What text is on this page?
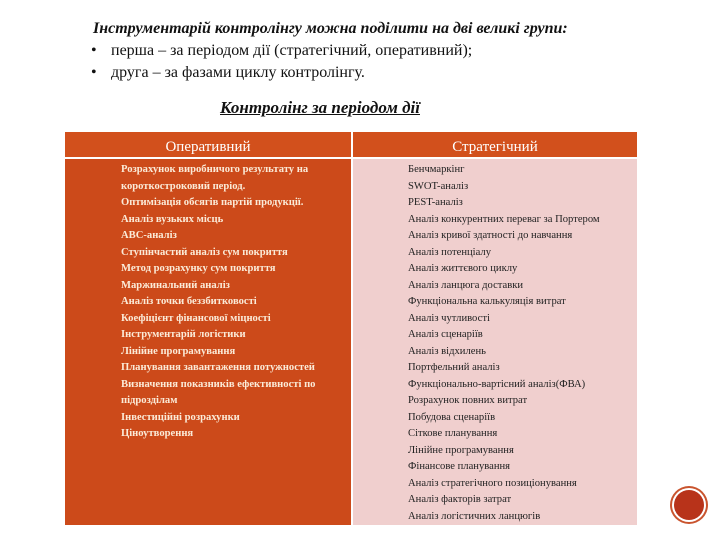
Інструментарій контролінгу можна поділити на дві великі групи:
• перша – за періодом дії (стратегічний, оперативний);
• друга – за фазами циклу контролінгу.
Контролінг за періодом дії
Оперативний	Стратегічний
Розрахунок виробничого результату на короткостроковий період.
Оптимізація обсягів партій продукції.
Аналіз вузьких місць
АВС-аналіз
Ступінчастий аналіз сум покриття
Метод розрахунку сум покриття
Маржинальний аналіз
Аналіз точки беззбитковості
Коефіцієнт фінансової міцності
Інструментарій логістики
Лінійне програмування
Планування завантаження потужностей
Визначення показників ефективності по підрозділам
Інвестиційні розрахунки
Ціноутворення
Бенчмаркінг
SWOT-аналіз
PEST-аналіз
Аналіз конкурентних переваг за Портером
Аналіз кривої здатності до навчання
Аналіз потенціалу
Аналіз життєвого циклу
Аналіз ланцюга доставки
Функціональна калькуляція витрат
Аналіз чутливості
Аналіз сценаріїв
Аналіз відхилень
Портфельний аналіз
Функціонально-вартісний аналіз(ФВА)
Розрахунок повних витрат
Побудова сценаріїв
Сіткове планування
Лінійне програмування
Фінансове планування
Аналіз стратегічного позиціонування
Аналіз факторів затрат
Аналіз логістичних ланцюгів
